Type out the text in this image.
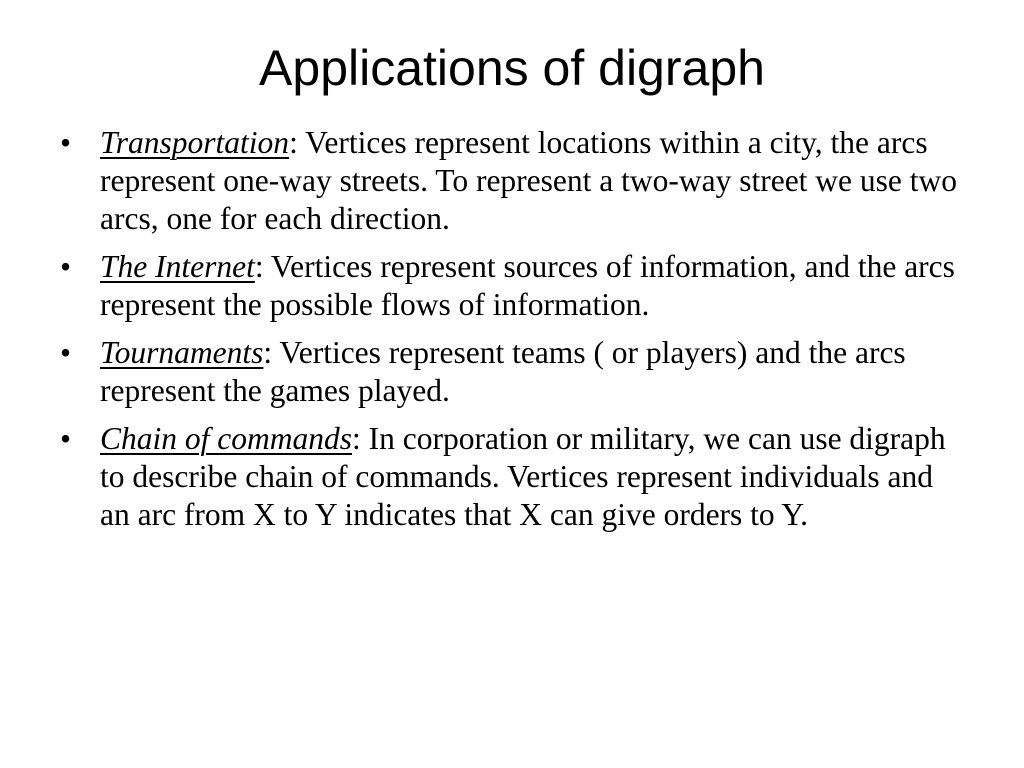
Applications of digraph
• Transportation: Vertices represent locations within a city, the arcs represent one-way streets. To represent a two-way street we use two arcs, one for each direction.
• The Internet: Vertices represent sources of information, and the arcs represent the possible flows of information.
• Tournaments: Vertices represent teams ( or players) and the arcs represent the games played.
• Chain of commands: In corporation or military, we can use digraph to describe chain of commands. Vertices represent individuals and an arc from X to Y indicates that X can give orders to Y.
